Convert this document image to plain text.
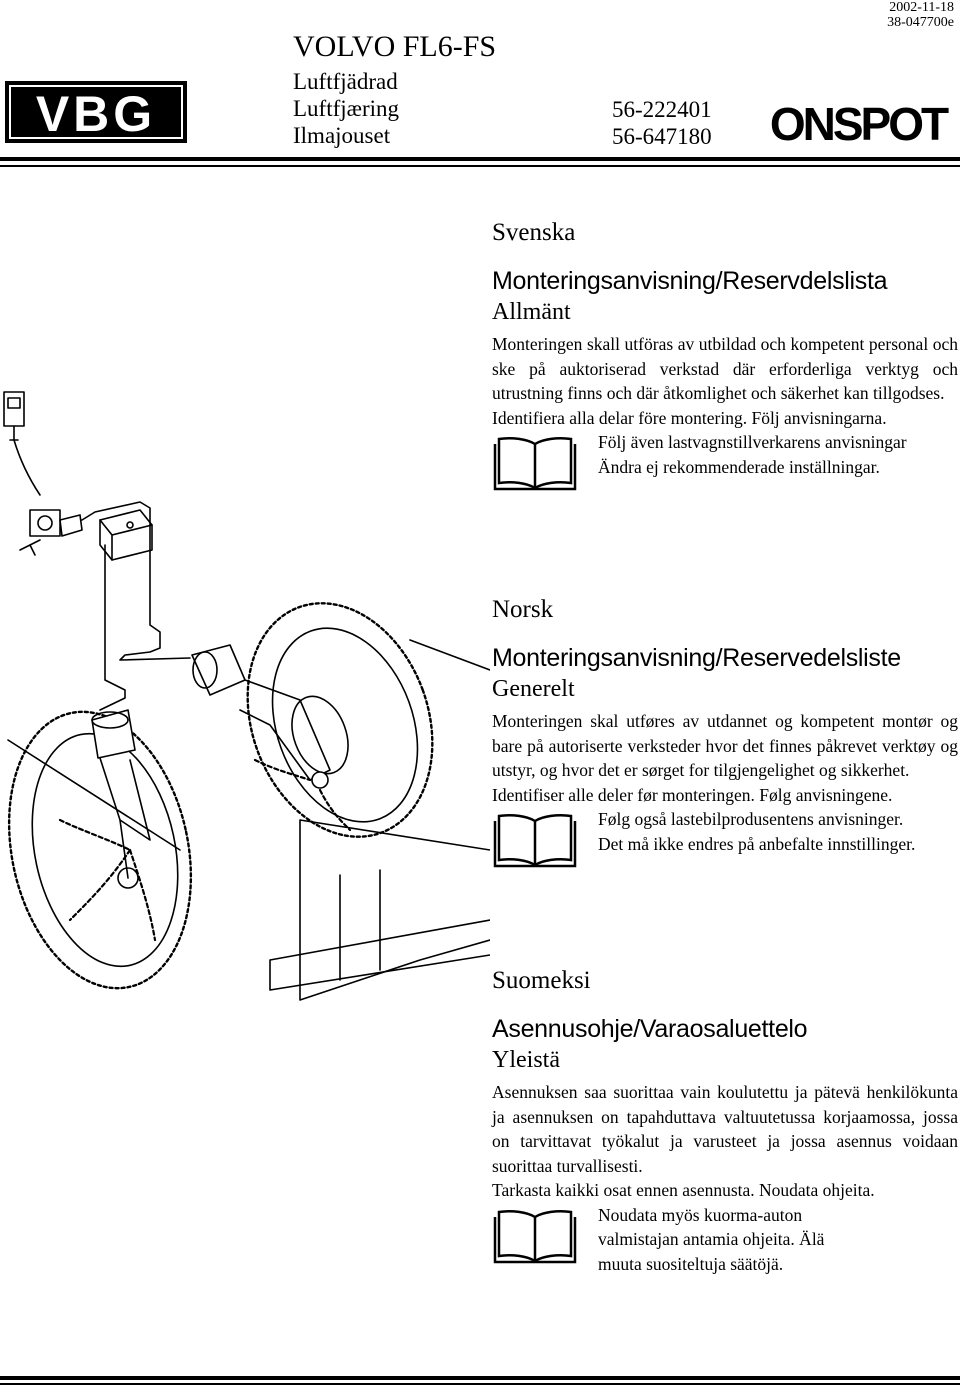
2002-11-18
38-047700e
VBG
VOLVO FL6-FS
Luftfjädrad
Luftfjæring
Ilmajouset
56-222401
56-647180 ONSPOT
Svenska
Monteringsanvisning/Reservdelslista
Allmänt

Monteringen skall utföras av utbildad och kompetent personal och ske på auktoriserad verkstad där erforderliga verktyg och utrustning finns och där åtkomlighet och säkerhet kan tillgodses.

Identifiera alla delar före montering. Följ anvisningarna.

Följ även lastvagnstillverkarens anvisningar
Ändra ej rekommenderade inställningar.
Norsk
Monteringsanvisning/Reservedelsliste
Generelt

Monteringen skal utføres av utdannet og kompetent montør og bare på autoriserte verksteder hvor det finnes påkrevet verktøy og utstyr, og hvor det er sørget for tilgjengelighet og sikkerhet.

Identifiser alle deler før monteringen. Følg anvisningene.

Følg også lastebilprodusentens anvisninger.
Det må ikke endres på anbefalte innstillinger.
Suomeksi
Asennusohje/Varaosaluettelo
Yleistä

Asennuksen saa suorittaa vain koulutettu ja pätevä henkilökunta ja asennuksen on tapahduttava valtuutetussa korjaamossa, jossa on tarvittavat työkalut ja varusteet ja jossa asennus voidaan suorittaa turvallisesti.

Tarkasta kaikki osat ennen asennusta. Noudata ohjeita.

Noudata myös kuorma-auton valmistajan antamia ohjeita. Älä muuta suositeltuja säätöjä.
